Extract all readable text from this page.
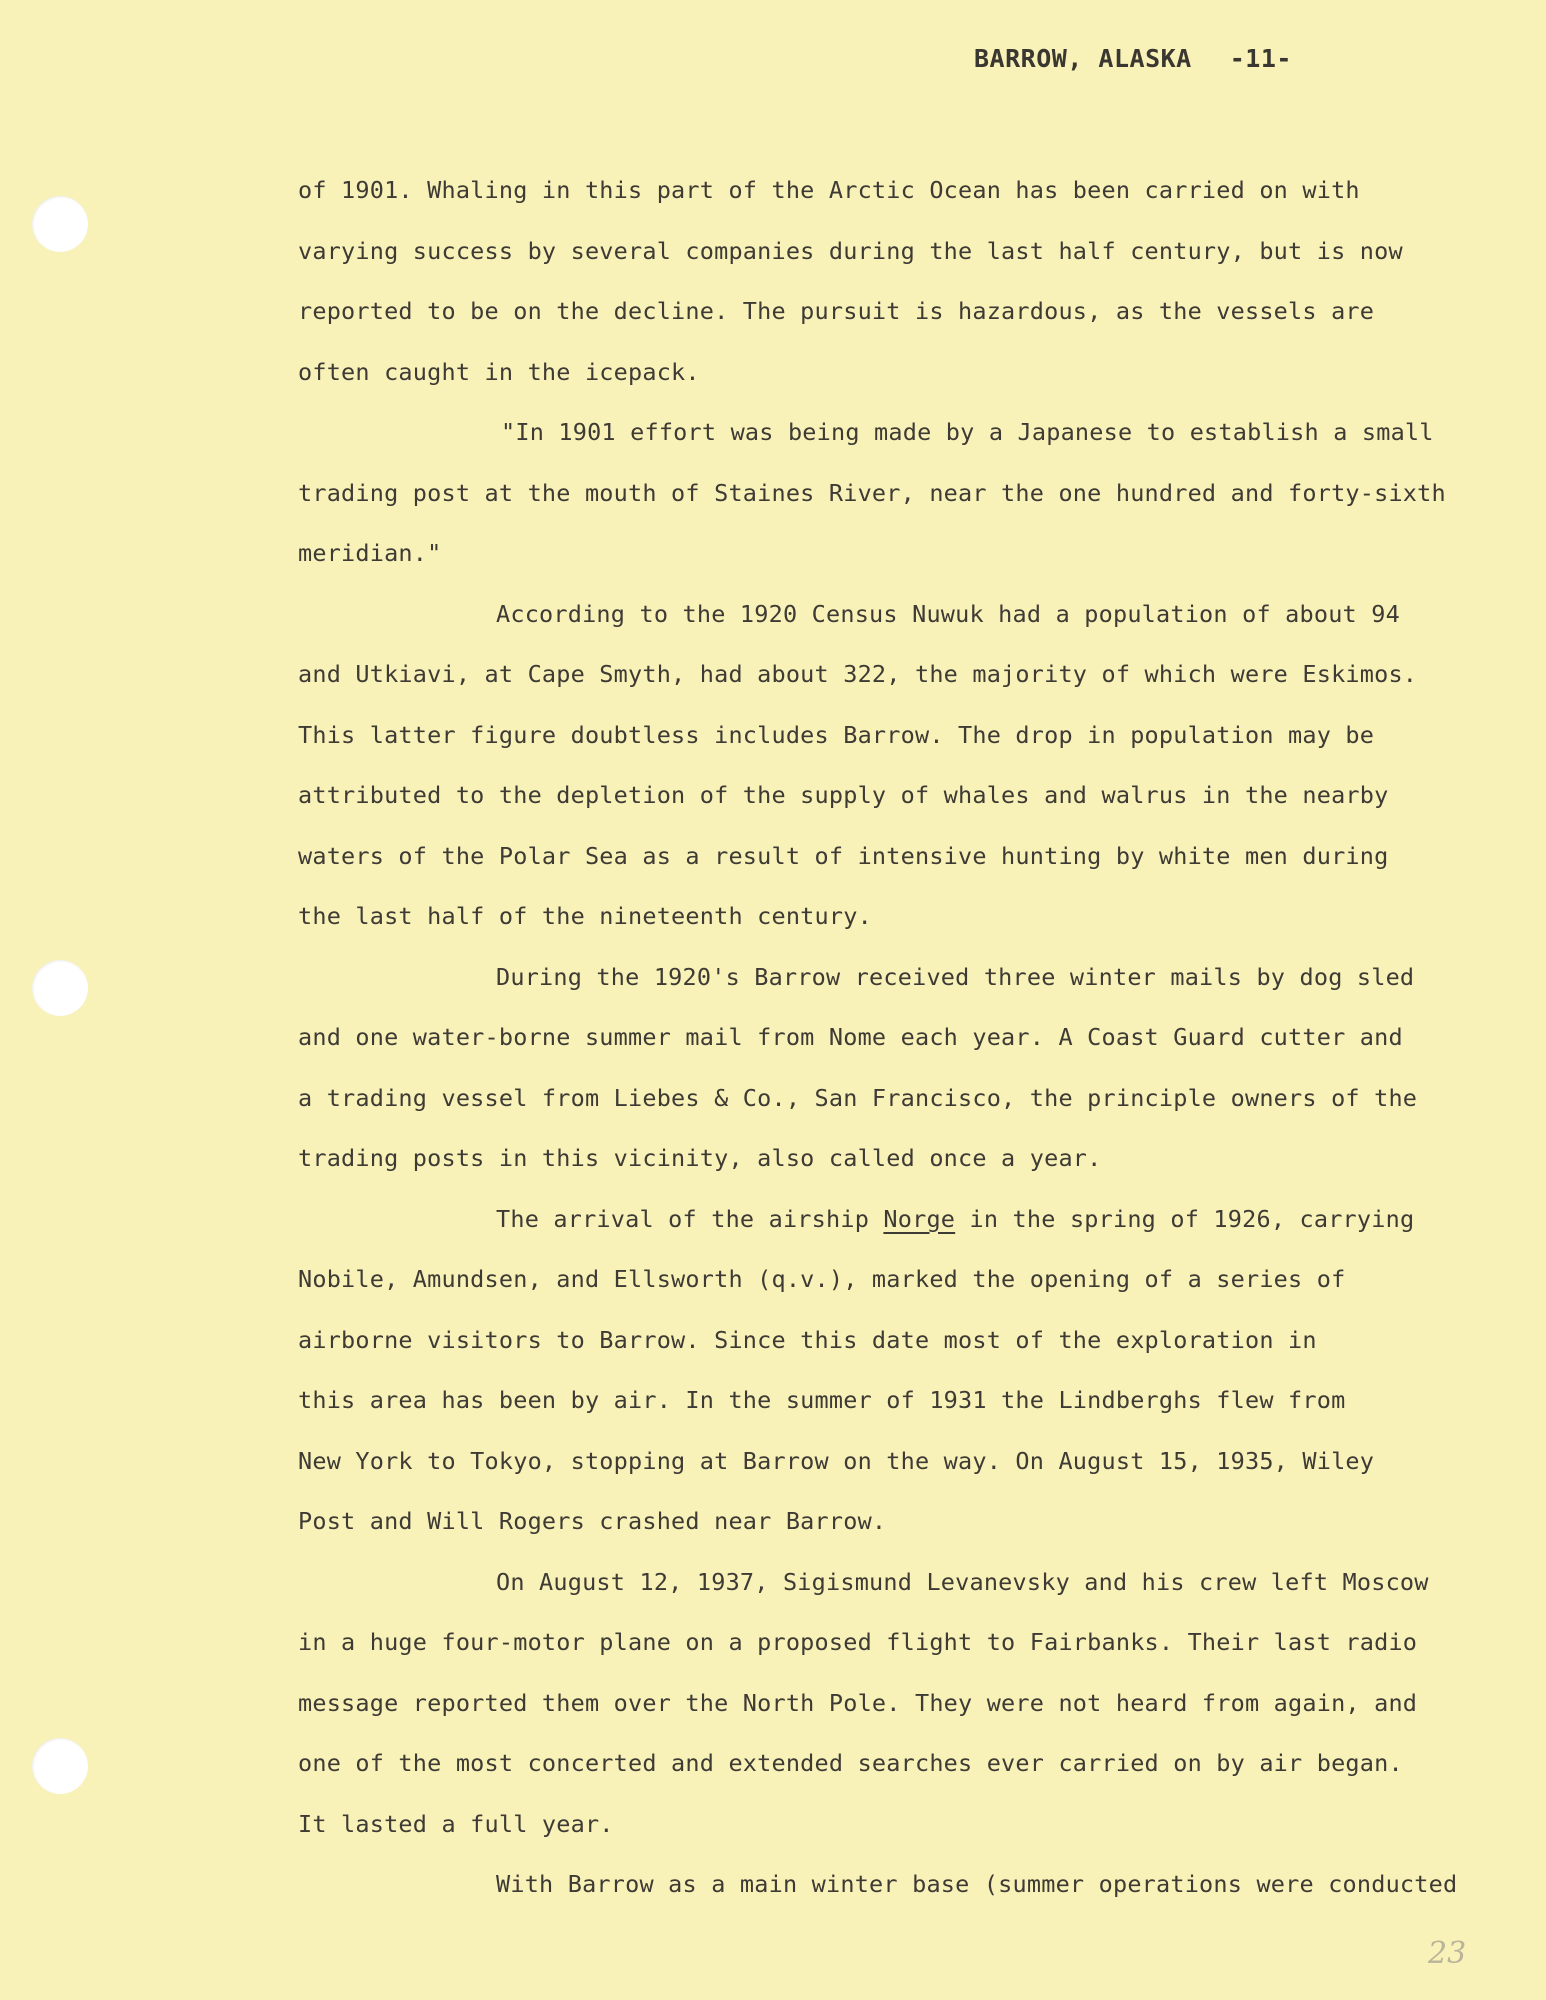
BARROW, ALASKA -11-
of 1901. Whaling in this part of the Arctic Ocean has been carried on with
varying success by several companies during the last half century, but is now
reported to be on the decline. The pursuit is hazardous, as the vessels are
often caught in the icepack.
"In 1901 effort was being made by a Japanese to establish a small
trading post at the mouth of Staines River, near the one hundred and forty-sixth
meridian."
According to the 1920 Census Nuwuk had a population of about 94
and Utkiavi, at Cape Smyth, had about 322, the majority of which were Eskimos.
This latter figure doubtless includes Barrow. The drop in population may be
attributed to the depletion of the supply of whales and walrus in the nearby
waters of the Polar Sea as a result of intensive hunting by white men during
the last half of the nineteenth century.
During the 1920's Barrow received three winter mails by dog sled
and one water-borne summer mail from Nome each year. A Coast Guard cutter and
a trading vessel from Liebes & Co., San Francisco, the principle owners of the
trading posts in this vicinity, also called once a year.
The arrival of the airship Norge in the spring of 1926, carrying
Nobile, Amundsen, and Ellsworth (q.v.), marked the opening of a series of
airborne visitors to Barrow. Since this date most of the exploration in
this area has been by air. In the summer of 1931 the Lindberghs flew from
New York to Tokyo, stopping at Barrow on the way. On August 15, 1935, Wiley
Post and Will Rogers crashed near Barrow.
On August 12, 1937, Sigismund Levanevsky and his crew left Moscow
in a huge four-motor plane on a proposed flight to Fairbanks. Their last radio
message reported them over the North Pole. They were not heard from again, and
one of the most concerted and extended searches ever carried on by air began.
It lasted a full year.
With Barrow as a main winter base (summer operations were conducted
23
